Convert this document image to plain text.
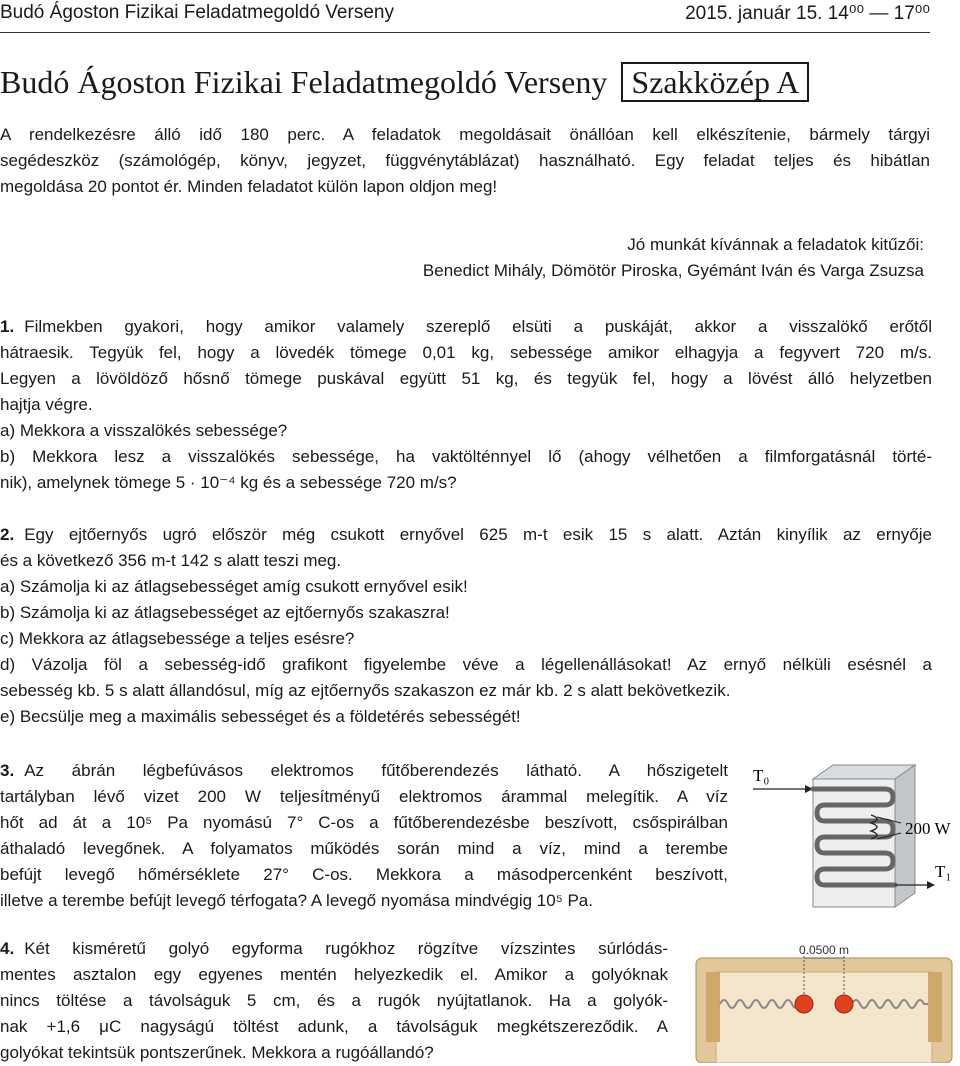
Budó Ágoston Fizikai Feladatmegoldó Verseny	2015. január 15. 14⁰⁰ — 17⁰⁰
Budó Ágoston Fizikai Feladatmegoldó Verseny Szakközép A
A rendelkezésre álló idő 180 perc. A feladatok megoldásait önállóan kell elkészítenie, bármely tárgyi
segédeszköz (számológép, könyv, jegyzet, függvénytáblázat) használható. Egy feladat teljes és hibátlan
megoldása 20 pontot ér. Minden feladatot külön lapon oldjon meg!
Jó munkát kívánnak a feladatok kitűzői:
Benedict Mihály, Dömötör Piroska, Gyémánt Iván és Varga Zsuzsa
1. Filmekben gyakori, hogy amikor valamely szereplő elsüti a puskáját, akkor a visszalökő erőtől
hátraesik. Tegyük fel, hogy a lövedék tömege 0,01 kg, sebessége amikor elhagyja a fegyvert 720 m/s.
Legyen a lövöldöző hősnő tömege puskával együtt 51 kg, és tegyük fel, hogy a lövést álló helyzetben
hajtja végre.
a) Mekkora a visszalökés sebessége?
b) Mekkora lesz a visszalökés sebessége, ha vaktölténnyel lő (ahogy vélhetően a filmforgatásnál törté-
nik), amelynek tömege 5 · 10⁻⁴ kg és a sebessége 720 m/s?
2. Egy ejtőernyős ugró először még csukott ernyővel 625 m-t esik 15 s alatt. Aztán kinyílik az ernyője
és a következő 356 m-t 142 s alatt teszi meg.
a) Számolja ki az átlagsebességet amíg csukott ernyővel esik!
b) Számolja ki az átlagsebességet az ejtőernyős szakaszra!
c) Mekkora az átlagsebessége a teljes esésre?
d) Vázolja föl a sebesség-idő grafikont figyelembe véve a légellenállásokat! Az ernyő nélküli esésnél a
sebesség kb. 5 s alatt állandósul, míg az ejtőernyős szakaszon ez már kb. 2 s alatt bekövetkezik.
e) Becsülje meg a maximális sebességet és a földetérés sebességét!
3. Az ábrán légbefúvásos elektromos fűtőberendezés látható. A hőszigetelt
tartályban lévő vizet 200 W teljesítményű elektromos árammal melegítik. A víz
hőt ad át a 10⁵ Pa nyomású 7° C-os a fűtőberendezésbe beszívott, csőspirálban
áthaladó levegőnek. A folyamatos működés során mind a víz, mind a terembe
befújt levegő hőmérséklete 27° C-os. Mekkora a másodpercenként beszívott,
illetve a terembe befújt levegő térfogata? A levegő nyomása mindvégig 10⁵ Pa.
T₀
200 W
T₁
4. Két kisméretű golyó egyforma rugókhoz rögzítve vízszintes súrlódás-
mentes asztalon egy egyenes mentén helyezkedik el. Amikor a golyóknak
nincs töltése a távolságuk 5 cm, és a rugók nyújtatlanok. Ha a golyók-
nak +1,6 μC nagyságú töltést adunk, a távolságuk megkétszereződik. A
golyókat tekintsük pontszerűnek. Mekkora a rugóállandó?
0.0500 m
